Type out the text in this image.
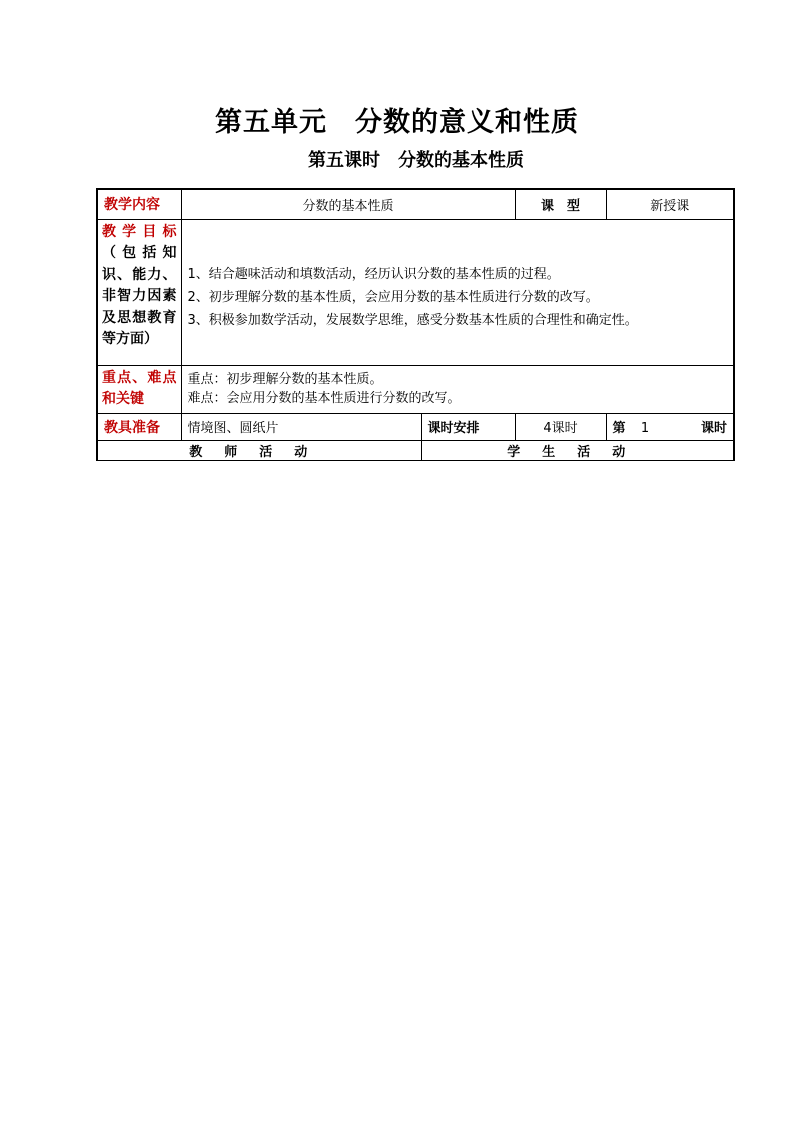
第五单元　分数的意义和性质
第五课时　分数的基本性质
教学内容	分数的基本性质		课　型	新授课
教学目标（包括知识、能力、非智力因素及思想教育等方面）	1、结合趣味活动和填数活动，经历认识分数的基本性质的过程。
2、初步理解分数的基本性质，会应用分数的基本性质进行分数的改写。
3、积极参加数学活动，发展数学思维，感受分数基本性质的合理性和确定性。			

重点、难点和关键	重点：初步理解分数的基本性质。
难点：会应用分数的基本性质进行分数的改写。			

教具准备	情境图、圆纸片	课时安排	4课时	第 1 课时

教师活动		学生活动		
